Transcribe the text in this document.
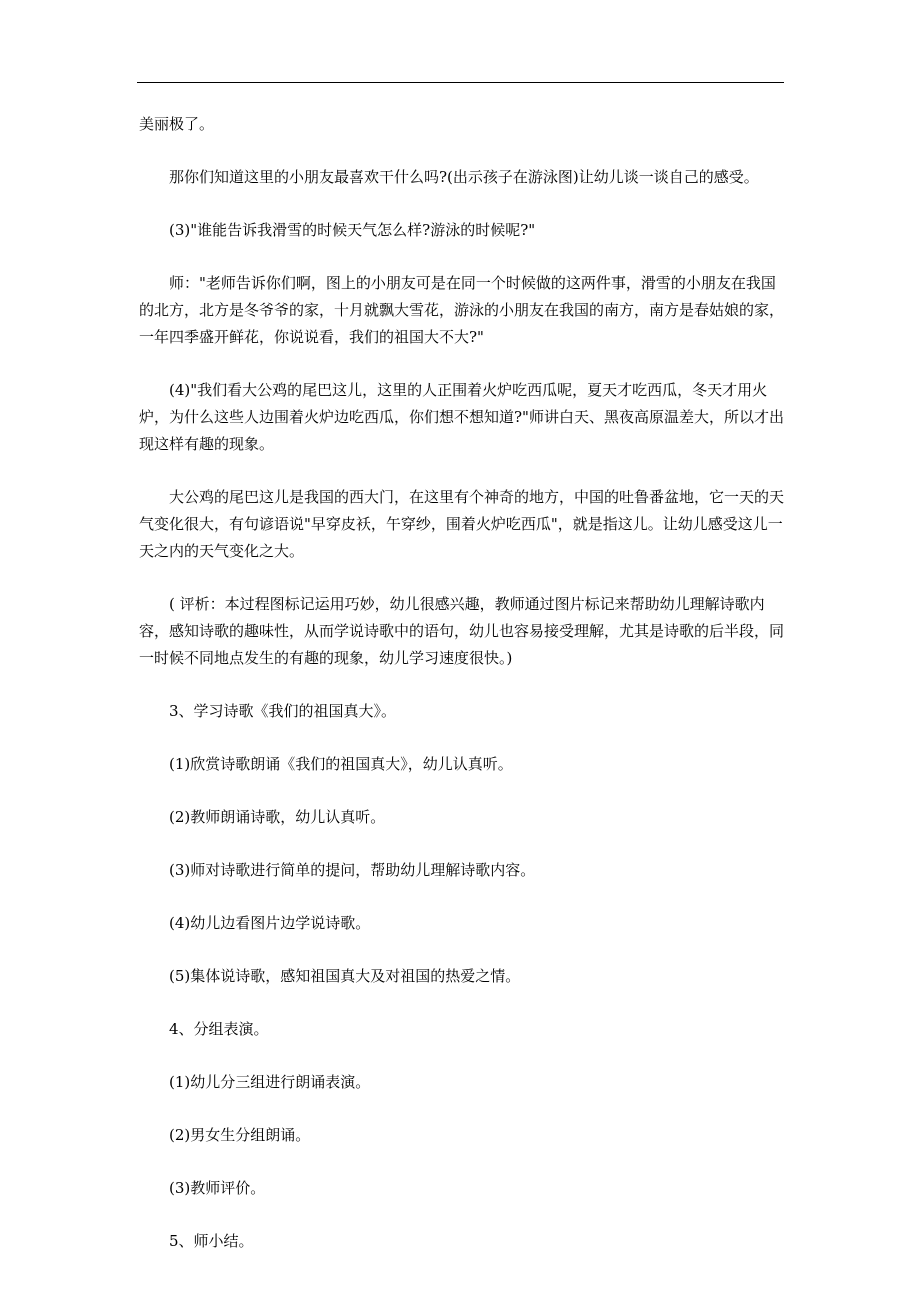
美丽极了。

那你们知道这里的小朋友最喜欢干什么吗?(出示孩子在游泳图)让幼儿谈一谈自己的感受。

(3)"谁能告诉我滑雪的时候天气怎么样?游泳的时候呢?"

师："老师告诉你们啊，图上的小朋友可是在同一个时候做的这两件事，滑雪的小朋友在我国的北方，北方是冬爷爷的家，十月就飘大雪花，游泳的小朋友在我国的南方，南方是春姑娘的家，一年四季盛开鲜花，你说说看，我们的祖国大不大?"

(4)"我们看大公鸡的尾巴这儿，这里的人正围着火炉吃西瓜呢，夏天才吃西瓜，冬天才用火炉，为什么这些人边围着火炉边吃西瓜，你们想不想知道?"师讲白天、黑夜高原温差大，所以才出现这样有趣的现象。

大公鸡的尾巴这儿是我国的西大门，在这里有个神奇的地方，中国的吐鲁番盆地，它一天的天气变化很大，有句谚语说"早穿皮袄，午穿纱，围着火炉吃西瓜"，就是指这儿。让幼儿感受这儿一天之内的天气变化之大。

( 评析：本过程图标记运用巧妙，幼儿很感兴趣，教师通过图片标记来帮助幼儿理解诗歌内容，感知诗歌的趣味性，从而学说诗歌中的语句，幼儿也容易接受理解，尤其是诗歌的后半段，同一时候不同地点发生的有趣的现象，幼儿学习速度很快。)

3、学习诗歌《我们的祖国真大》。

(1)欣赏诗歌朗诵《我们的祖国真大》，幼儿认真听。

(2)教师朗诵诗歌，幼儿认真听。

(3)师对诗歌进行简单的提问，帮助幼儿理解诗歌内容。

(4)幼儿边看图片边学说诗歌。

(5)集体说诗歌，感知祖国真大及对祖国的热爱之情。

4、分组表演。

(1)幼儿分三组进行朗诵表演。

(2)男女生分组朗诵。

(3)教师评价。

5、师小结。
